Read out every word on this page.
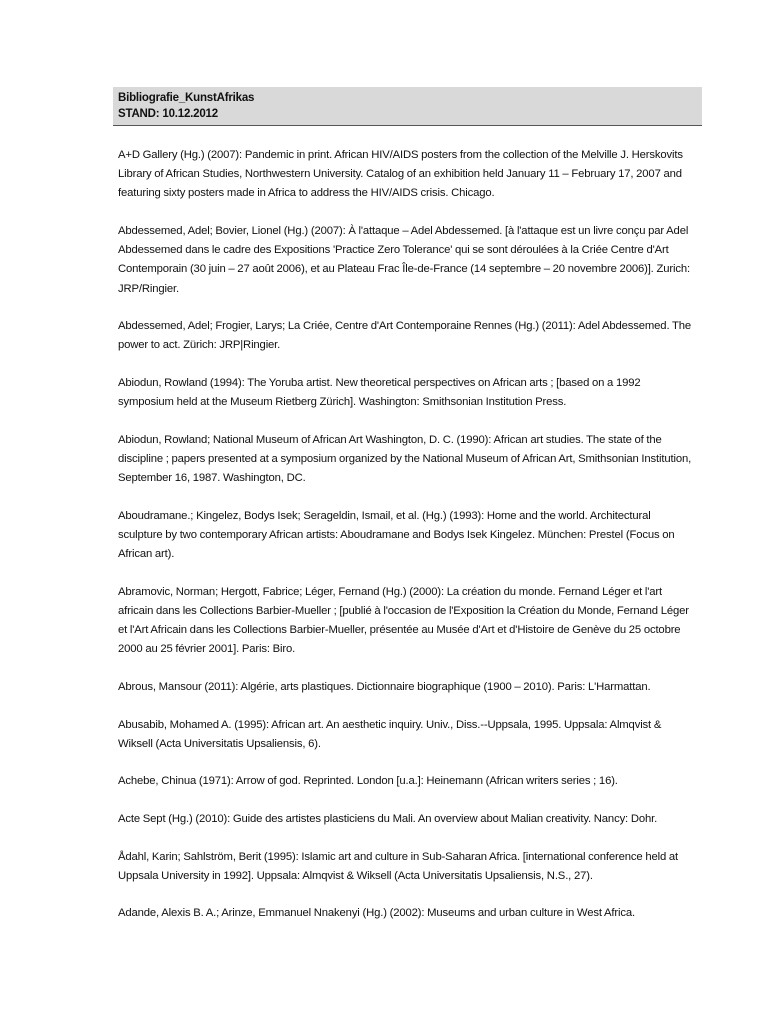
Bibliografie_KunstAfrikas
STAND: 10.12.2012

A+D Gallery (Hg.) (2007): Pandemic in print. African HIV/AIDS posters from the collection of the Melville J. Herskovits Library of African Studies, Northwestern University. Catalog of an exhibition held January 11 – February 17, 2007 and featuring sixty posters made in Africa to address the HIV/AIDS crisis. Chicago.

Abdessemed, Adel; Bovier, Lionel (Hg.) (2007): À l'attaque – Adel Abdessemed. [à l'attaque est un livre conçu par Adel Abdessemed dans le cadre des Expositions 'Practice Zero Tolerance' qui se sont déroulées à la Criée Centre d'Art Contemporain (30 juin – 27 août 2006), et au Plateau Frac Île-de-France (14 septembre – 20 novembre 2006)]. Zurich: JRP/Ringier.

Abdessemed, Adel; Frogier, Larys; La Criée, Centre d'Art Contemporaine Rennes (Hg.) (2011): Adel Abdessemed. The power to act. Zürich: JRP|Ringier.

Abiodun, Rowland (1994): The Yoruba artist. New theoretical perspectives on African arts ; [based on a 1992 symposium held at the Museum Rietberg Zürich]. Washington: Smithsonian Institution Press.

Abiodun, Rowland; National Museum of African Art Washington, D. C. (1990): African art studies. The state of the discipline ; papers presented at a symposium organized by the National Museum of African Art, Smithsonian Institution, September 16, 1987. Washington, DC.

Aboudramane.; Kingelez, Bodys Isek; Serageldin, Ismail, et al. (Hg.) (1993): Home and the world. Architectural sculpture by two contemporary African artists: Aboudramane and Bodys Isek Kingelez. München: Prestel (Focus on African art).

Abramovic, Norman; Hergott, Fabrice; Léger, Fernand (Hg.) (2000): La création du monde. Fernand Léger et l'art africain dans les Collections Barbier-Mueller ; [publié à l'occasion de l'Exposition la Création du Monde, Fernand Léger et l'Art Africain dans les Collections Barbier-Mueller, présentée au Musée d'Art et d'Histoire de Genève du 25 octobre 2000 au 25 février 2001]. Paris: Biro.

Abrous, Mansour (2011): Algérie, arts plastiques. Dictionnaire biographique (1900 – 2010). Paris: L'Harmattan.

Abusabib, Mohamed A. (1995): African art. An aesthetic inquiry. Univ., Diss.--Uppsala, 1995. Uppsala: Almqvist & Wiksell (Acta Universitatis Upsaliensis, 6).

Achebe, Chinua (1971): Arrow of god. Reprinted. London [u.a.]: Heinemann (African writers series ; 16).

Acte Sept (Hg.) (2010): Guide des artistes plasticiens du Mali. An overview about Malian creativity. Nancy: Dohr.

Ådahl, Karin; Sahlström, Berit (1995): Islamic art and culture in Sub-Saharan Africa. [international conference held at Uppsala University in 1992]. Uppsala: Almqvist & Wiksell (Acta Universitatis Upsaliensis, N.S., 27).

Adande, Alexis B. A.; Arinze, Emmanuel Nnakenyi (Hg.) (2002): Museums and urban culture in West Africa.
